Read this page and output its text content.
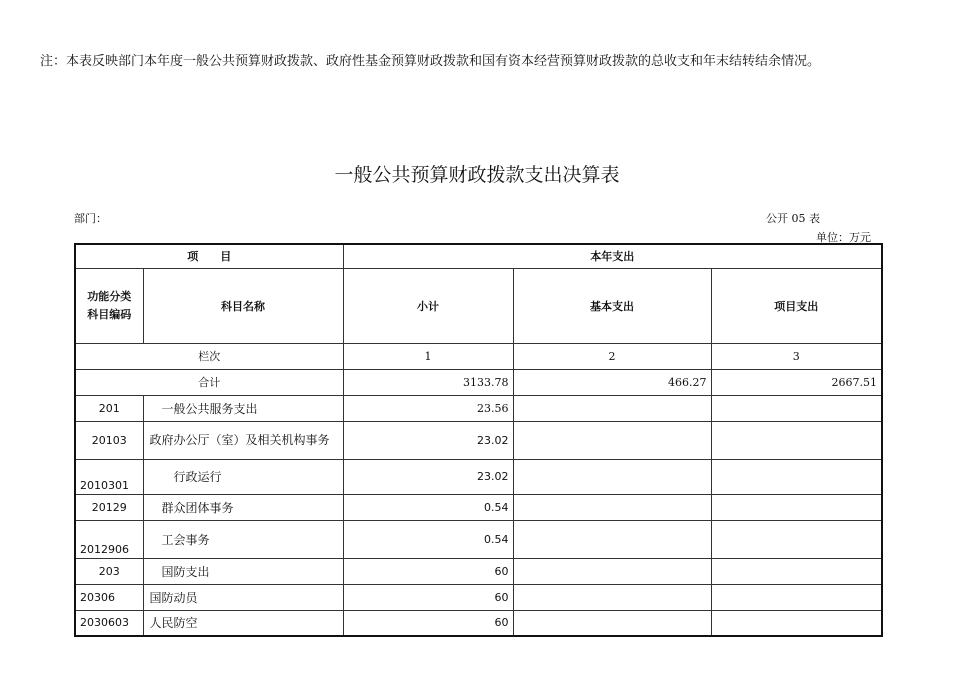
注：本表反映部门本年度一般公共预算财政拨款、政府性基金预算财政拨款和国有资本经营预算财政拨款的总收支和年末结转结余情况。
一般公共预算财政拨款支出决算表
部门：	公开 05 表
单位：万元
项　　目		本年支出		
功能分类
科目编码	科目名称	小计	基本支出	项目支出
栏次		1	2	3
合计		3133.78	466.27	2667.51
201	一般公共服务支出	23.56		
20103	政府办公厅（室）及相关机构事务	23.02		
2010301	行政运行	23.02		
20129	群众团体事务	0.54		
2012906	工会事务	0.54		
203	国防支出	60		
20306	国防动员	60		
2030603	人民防空	60		
